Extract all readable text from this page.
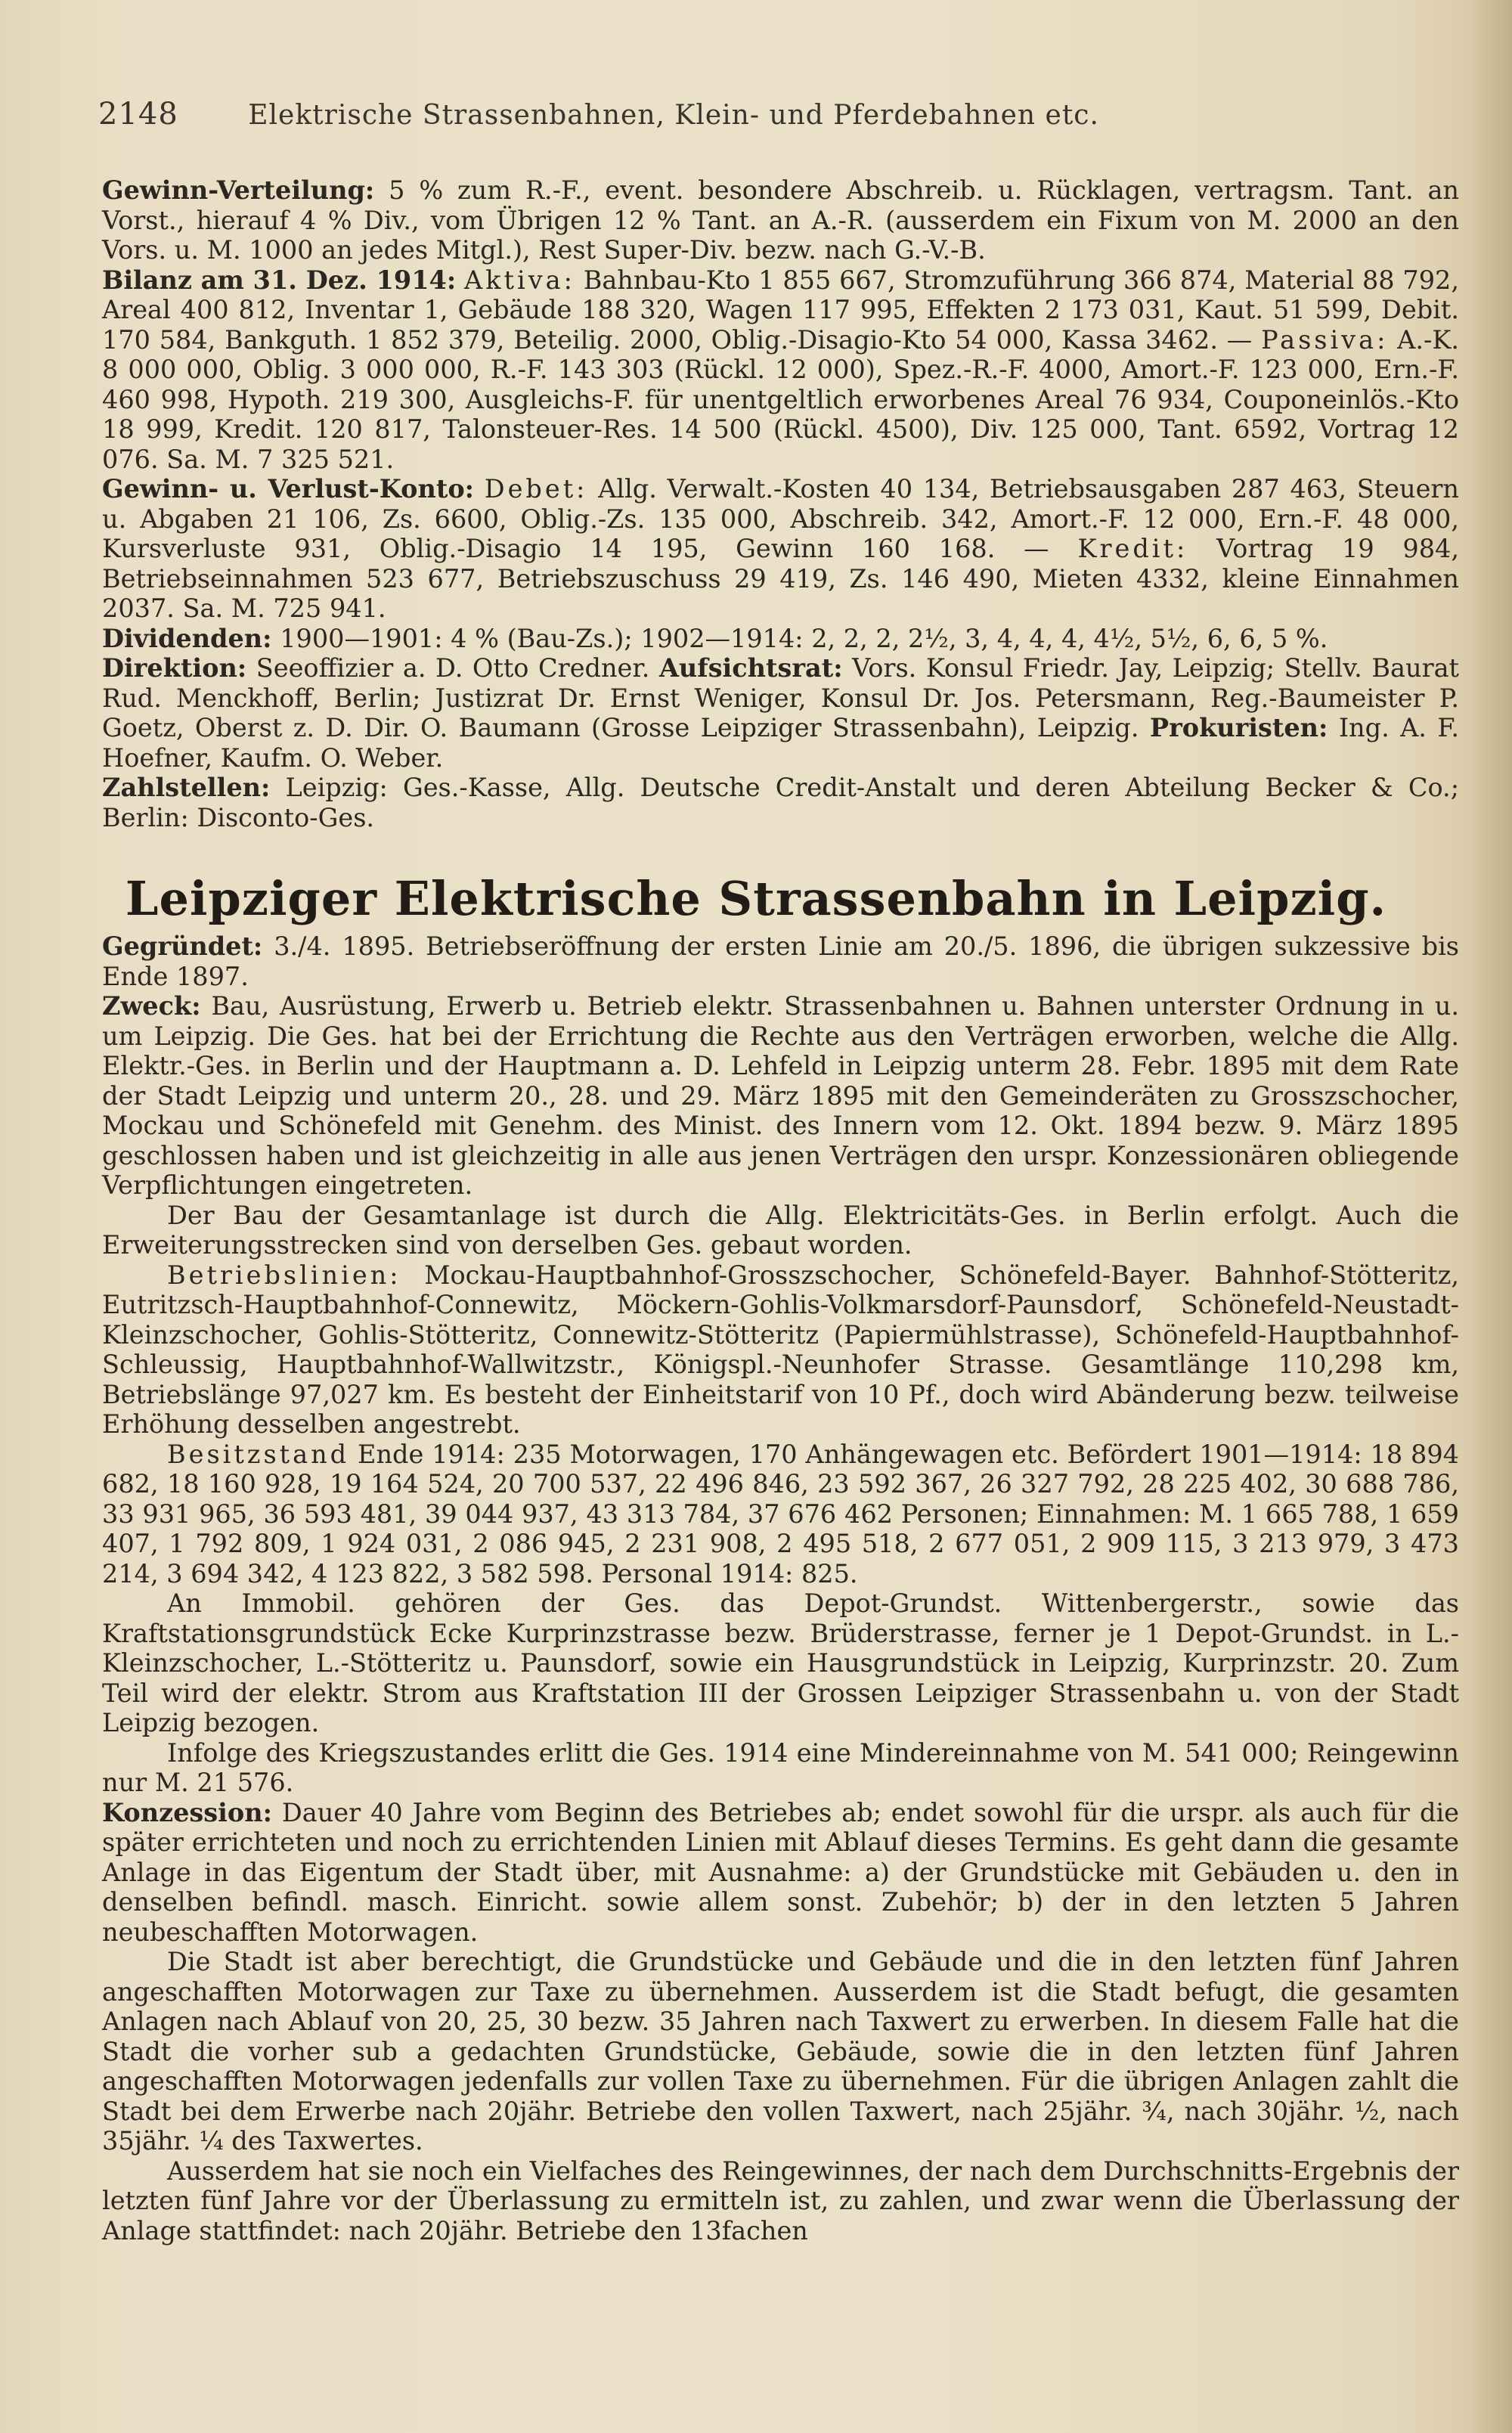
2148	Elektrische Strassenbahnen, Klein- und Pferdebahnen etc.

Gewinn-Verteilung: 5 % zum R.-F., event. besondere Abschreib. u. Rücklagen, vertragsm. Tant. an Vorst., hierauf 4 % Div., vom Übrigen 12 % Tant. an A.-R. (ausserdem ein Fixum von M. 2000 an den Vors. u. M. 1000 an jedes Mitgl.), Rest Super-Div. bezw. nach G.-V.-B.

Bilanz am 31. Dez. 1914: Aktiva: Bahnbau-Kto 1 855 667, Stromzuführung 366 874, Material 88 792, Areal 400 812, Inventar 1, Gebäude 188 320, Wagen 117 995, Effekten 2 173 031, Kaut. 51 599, Debit. 170 584, Bankguth. 1 852 379, Beteilig. 2000, Oblig.-Disagio-Kto 54 000, Kassa 3462. — Passiva: A.-K. 8 000 000, Oblig. 3 000 000, R.-F. 143 303 (Rückl. 12 000), Spez.-R.-F. 4000, Amort.-F. 123 000, Ern.-F. 460 998, Hypoth. 219 300, Ausgleichs-F. für unentgeltlich erworbenes Areal 76 934, Couponeinlös.-Kto 18 999, Kredit. 120 817, Talonsteuer-Res. 14 500 (Rückl. 4500), Div. 125 000, Tant. 6592, Vortrag 12 076. Sa. M. 7 325 521.

Gewinn- u. Verlust-Konto: Debet: Allg. Verwalt.-Kosten 40 134, Betriebsausgaben 287 463, Steuern u. Abgaben 21 106, Zs. 6600, Oblig.-Zs. 135 000, Abschreib. 342, Amort.-F. 12 000, Ern.-F. 48 000, Kursverluste 931, Oblig.-Disagio 14 195, Gewinn 160 168. — Kredit: Vortrag 19 984, Betriebseinnahmen 523 677, Betriebszuschuss 29 419, Zs. 146 490, Mieten 4332, kleine Einnahmen 2037. Sa. M. 725 941.

Dividenden: 1900—1901: 4 % (Bau-Zs.); 1902—1914: 2, 2, 2, 2½, 3, 4, 4, 4, 4½, 5½, 6, 6, 5 %.

Direktion: Seeoffizier a. D. Otto Credner. Aufsichtsrat: Vors. Konsul Friedr. Jay, Leipzig; Stellv. Baurat Rud. Menckhoff, Berlin; Justizrat Dr. Ernst Weniger, Konsul Dr. Jos. Petersmann, Reg.-Baumeister P. Goetz, Oberst z. D. Dir. O. Baumann (Grosse Leipziger Strassenbahn), Leipzig. Prokuristen: Ing. A. F. Hoefner, Kaufm. O. Weber.

Zahlstellen: Leipzig: Ges.-Kasse, Allg. Deutsche Credit-Anstalt und deren Abteilung Becker & Co.; Berlin: Disconto-Ges.

Leipziger Elektrische Strassenbahn in Leipzig.

Gegründet: 3./4. 1895. Betriebseröffnung der ersten Linie am 20./5. 1896, die übrigen sukzessive bis Ende 1897.

Zweck: Bau, Ausrüstung, Erwerb u. Betrieb elektr. Strassenbahnen u. Bahnen unterster Ordnung in u. um Leipzig. Die Ges. hat bei der Errichtung die Rechte aus den Verträgen erworben, welche die Allg. Elektr.-Ges. in Berlin und der Hauptmann a. D. Lehfeld in Leipzig unterm 28. Febr. 1895 mit dem Rate der Stadt Leipzig und unterm 20., 28. und 29. März 1895 mit den Gemeinderäten zu Grosszschocher, Mockau und Schönefeld mit Genehm. des Minist. des Innern vom 12. Okt. 1894 bezw. 9. März 1895 geschlossen haben und ist gleichzeitig in alle aus jenen Verträgen den urspr. Konzessionären obliegende Verpflichtungen eingetreten.

Der Bau der Gesamtanlage ist durch die Allg. Elektricitäts-Ges. in Berlin erfolgt. Auch die Erweiterungsstrecken sind von derselben Ges. gebaut worden.

Betriebslinien: Mockau-Hauptbahnhof-Grosszschocher, Schönefeld-Bayer. Bahnhof-Stötteritz, Eutritzsch-Hauptbahnhof-Connewitz, Möckern-Gohlis-Volkmarsdorf-Paunsdorf, Schönefeld-Neustadt-Kleinzschocher, Gohlis-Stötteritz, Connewitz-Stötteritz (Papiermühlstrasse), Schönefeld-Hauptbahnhof-Schleussig, Hauptbahnhof-Wallwitzstr., Königspl.-Neunhofer Strasse. Gesamtlänge 110,298 km, Betriebslänge 97,027 km. Es besteht der Einheitstarif von 10 Pf., doch wird Abänderung bezw. teilweise Erhöhung desselben angestrebt.

Besitzstand Ende 1914: 235 Motorwagen, 170 Anhängewagen etc. Befördert 1901—1914: 18 894 682, 18 160 928, 19 164 524, 20 700 537, 22 496 846, 23 592 367, 26 327 792, 28 225 402, 30 688 786, 33 931 965, 36 593 481, 39 044 937, 43 313 784, 37 676 462 Personen; Einnahmen: M. 1 665 788, 1 659 407, 1 792 809, 1 924 031, 2 086 945, 2 231 908, 2 495 518, 2 677 051, 2 909 115, 3 213 979, 3 473 214, 3 694 342, 4 123 822, 3 582 598. Personal 1914: 825.

An Immobil. gehören der Ges. das Depot-Grundst. Wittenbergerstr., sowie das Kraftstationsgrundstück Ecke Kurprinzstrasse bezw. Brüderstrasse, ferner je 1 Depot-Grundst. in L.-Kleinzschocher, L.-Stötteritz u. Paunsdorf, sowie ein Hausgrundstück in Leipzig, Kurprinzstr. 20. Zum Teil wird der elektr. Strom aus Kraftstation III der Grossen Leipziger Strassenbahn u. von der Stadt Leipzig bezogen.

Infolge des Kriegszustandes erlitt die Ges. 1914 eine Mindereinnahme von M. 541 000; Reingewinn nur M. 21 576.

Konzession: Dauer 40 Jahre vom Beginn des Betriebes ab; endet sowohl für die urspr. als auch für die später errichteten und noch zu errichtenden Linien mit Ablauf dieses Termins. Es geht dann die gesamte Anlage in das Eigentum der Stadt über, mit Ausnahme: a) der Grundstücke mit Gebäuden u. den in denselben befindl. masch. Einricht. sowie allem sonst. Zubehör; b) der in den letzten 5 Jahren neubeschafften Motorwagen.

Die Stadt ist aber berechtigt, die Grundstücke und Gebäude und die in den letzten fünf Jahren angeschafften Motorwagen zur Taxe zu übernehmen. Ausserdem ist die Stadt befugt, die gesamten Anlagen nach Ablauf von 20, 25, 30 bezw. 35 Jahren nach Taxwert zu erwerben. In diesem Falle hat die Stadt die vorher sub a gedachten Grundstücke, Gebäude, sowie die in den letzten fünf Jahren angeschafften Motorwagen jedenfalls zur vollen Taxe zu übernehmen. Für die übrigen Anlagen zahlt die Stadt bei dem Erwerbe nach 20jähr. Betriebe den vollen Taxwert, nach 25jähr. ¾, nach 30jähr. ½, nach 35jähr. ¼ des Taxwertes.

Ausserdem hat sie noch ein Vielfaches des Reingewinnes, der nach dem Durchschnitts-Ergebnis der letzten fünf Jahre vor der Überlassung zu ermitteln ist, zu zahlen, und zwar wenn die Überlassung der Anlage stattfindet: nach 20jähr. Betriebe den 13fachen
